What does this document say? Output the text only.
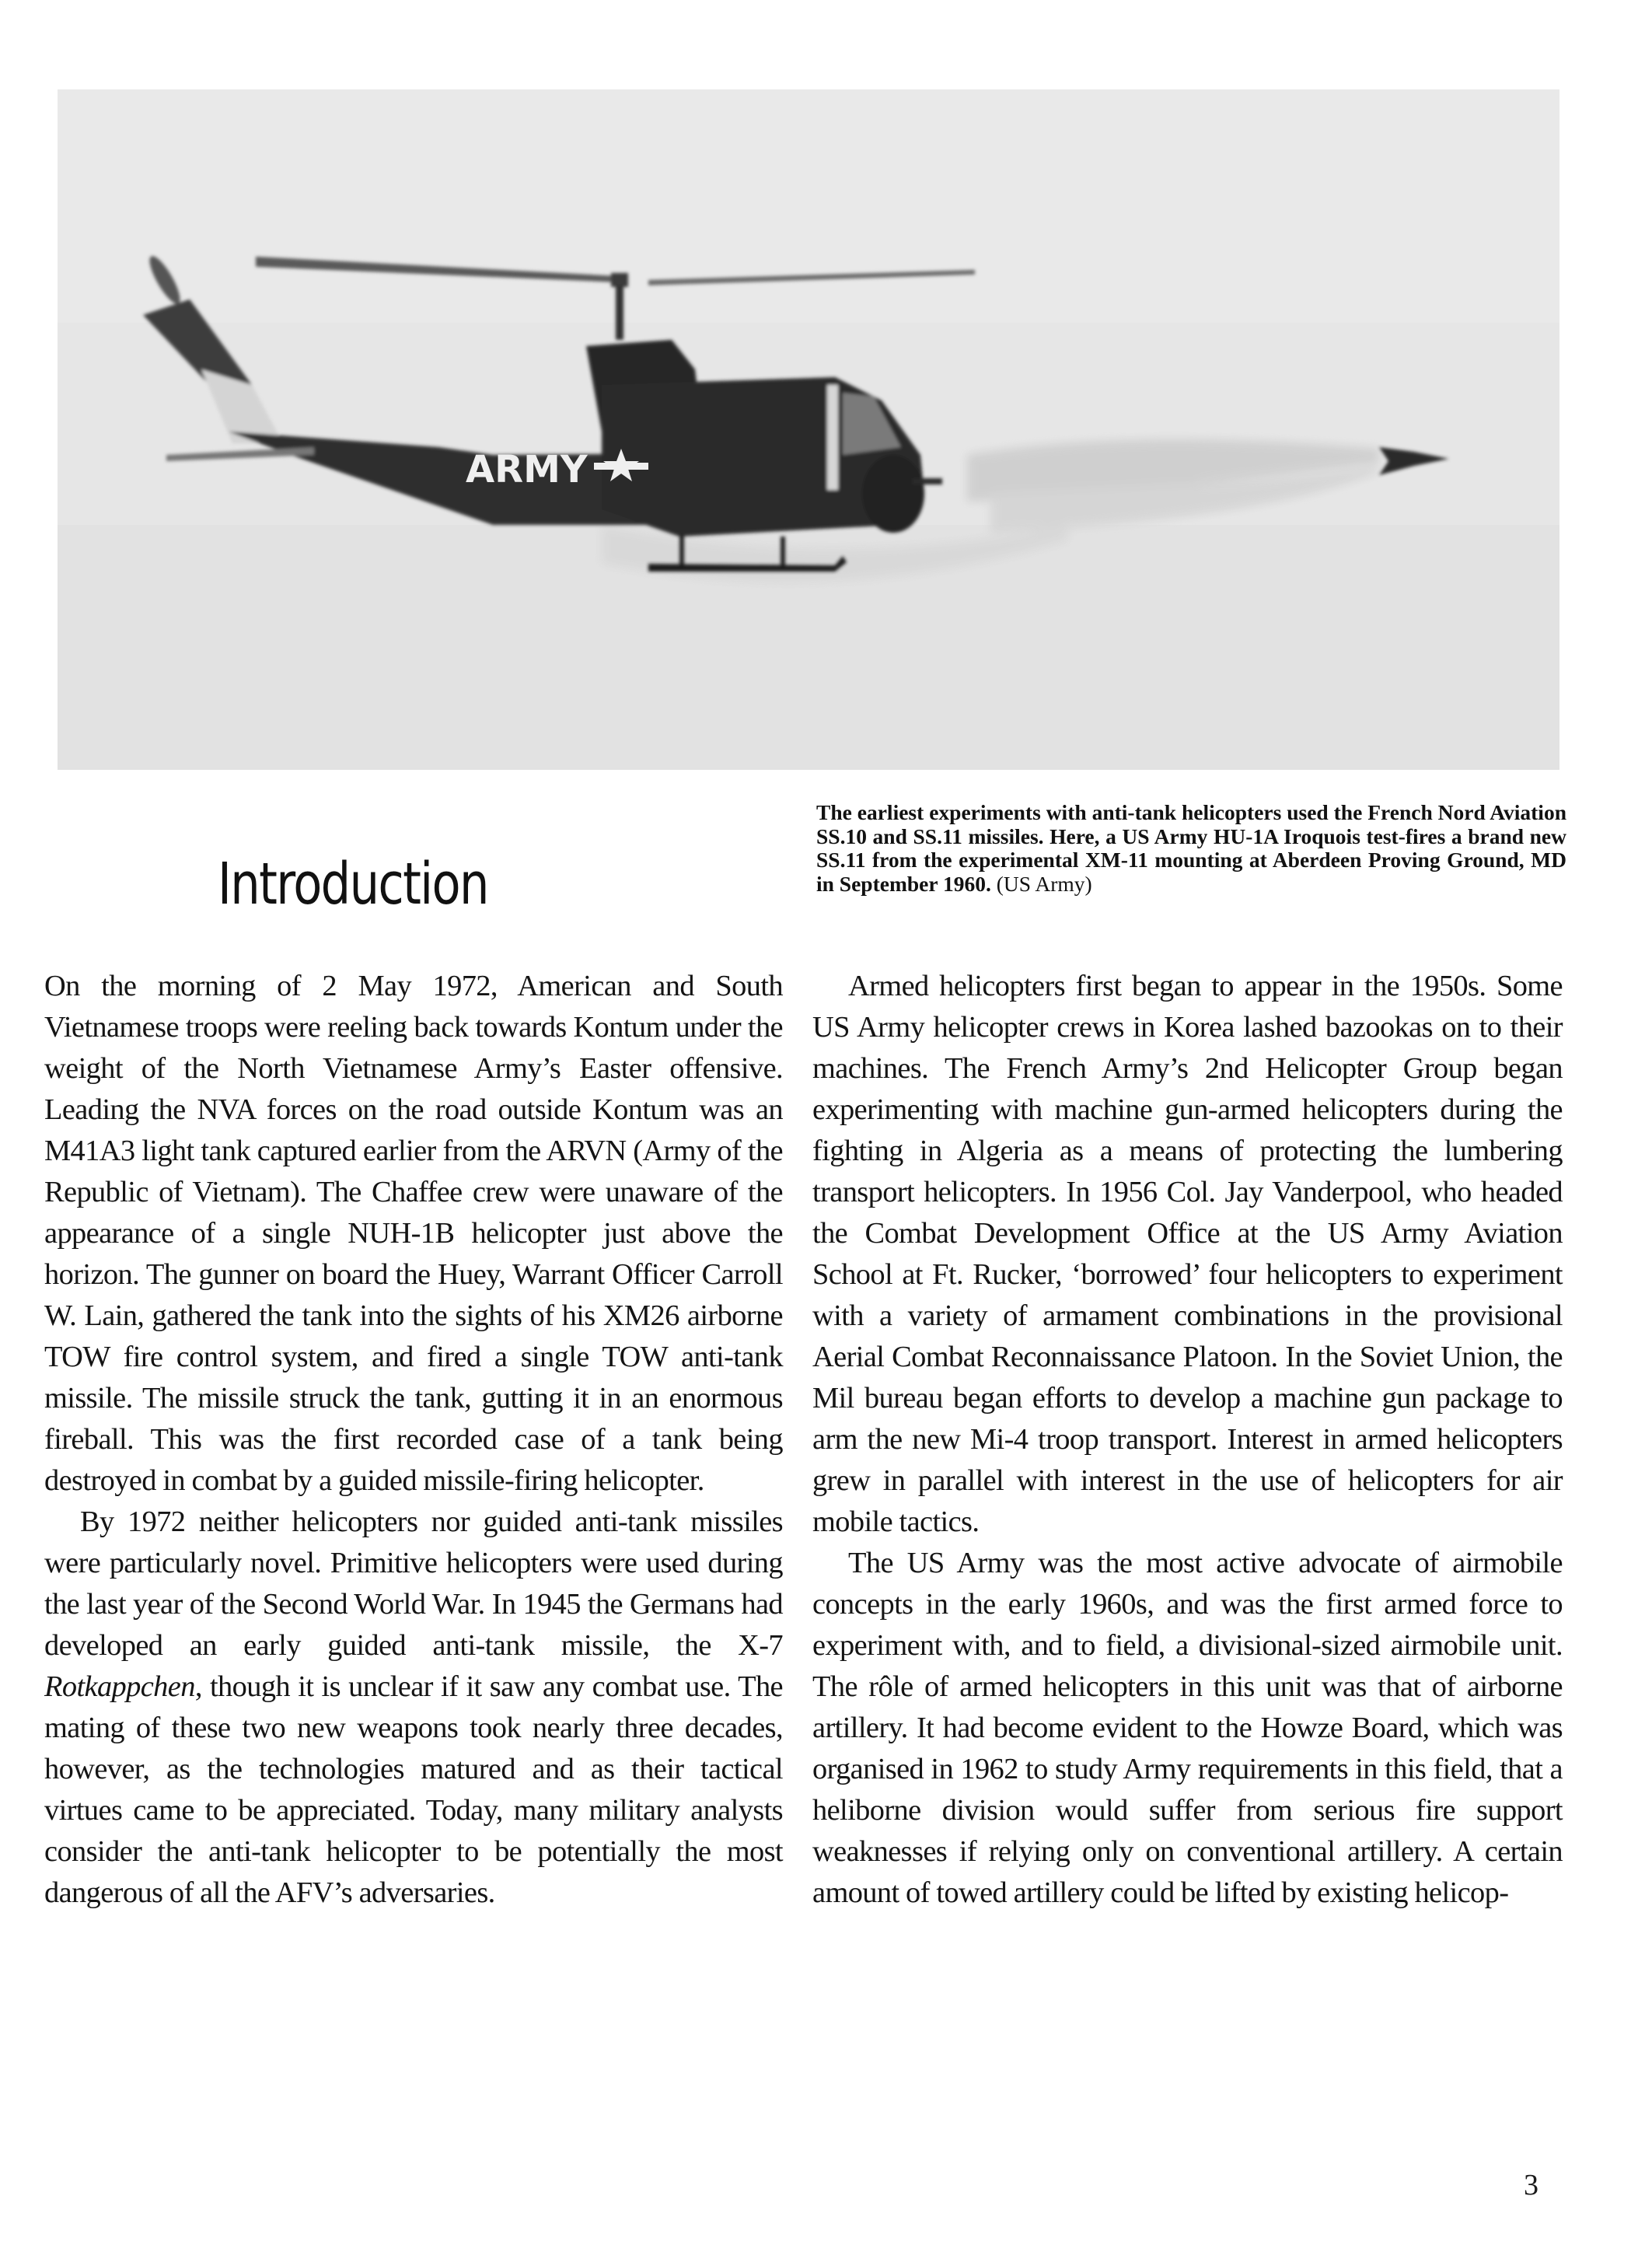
ARMY

The earliest experiments with anti-tank helicopters used the French Nord Aviation SS.10 and SS.11 missiles. Here, a US Army HU-1A Iroquois test-fires a brand new SS.11 from the experimental XM-11 mounting at Aberdeen Proving Ground, MD in September 1960. (US Army)

Introduction

On the morning of 2 May 1972, American and South Vietnamese troops were reeling back towards Kontum under the weight of the North Vietnamese Army’s Easter offensive. Leading the NVA forces on the road outside Kontum was an M41A3 light tank captured earlier from the ARVN (Army of the Republic of Vietnam). The Chaffee crew were unaware of the appearance of a single NUH-1B helicopter just above the horizon. The gunner on board the Huey, Warrant Officer Carroll W. Lain, gathered the tank into the sights of his XM26 airborne TOW fire control system, and fired a single TOW anti-tank missile. The missile struck the tank, gutting it in an enormous fireball. This was the first recorded case of a tank being destroyed in combat by a guided missile-firing helicopter.

By 1972 neither helicopters nor guided anti-tank missiles were particularly novel. Primitive helicopters were used during the last year of the Second World War. In 1945 the Germans had developed an early guided anti-tank missile, the X-7 Rotkappchen, though it is unclear if it saw any combat use. The mating of these two new weapons took nearly three decades, however, as the technologies matured and as their tactical virtues came to be appreciated. Today, many military analysts consider the anti-tank helicopter to be potentially the most dangerous of all the AFV’s adversaries.

Armed helicopters first began to appear in the 1950s. Some US Army helicopter crews in Korea lashed bazookas on to their machines. The French Army’s 2nd Helicopter Group began experimenting with machine gun-armed helicopters during the fighting in Algeria as a means of protecting the lumbering transport helicopters. In 1956 Col. Jay Vanderpool, who headed the Combat Development Office at the US Army Aviation School at Ft. Rucker, ‘borrowed’ four helicopters to experiment with a variety of armament combinations in the provisional Aerial Combat Reconnaissance Platoon. In the Soviet Union, the Mil bureau began efforts to develop a machine gun package to arm the new Mi-4 troop transport. Interest in armed helicopters grew in parallel with interest in the use of helicopters for air mobile tactics.

The US Army was the most active advocate of airmobile concepts in the early 1960s, and was the first armed force to experiment with, and to field, a divisional-sized airmobile unit. The rôle of armed helicopters in this unit was that of airborne artillery. It had become evident to the Howze Board, which was organised in 1962 to study Army requirements in this field, that a heliborne division would suffer from serious fire support weaknesses if relying only on conventional artillery. A certain amount of towed artillery could be lifted by existing helicop-

3
